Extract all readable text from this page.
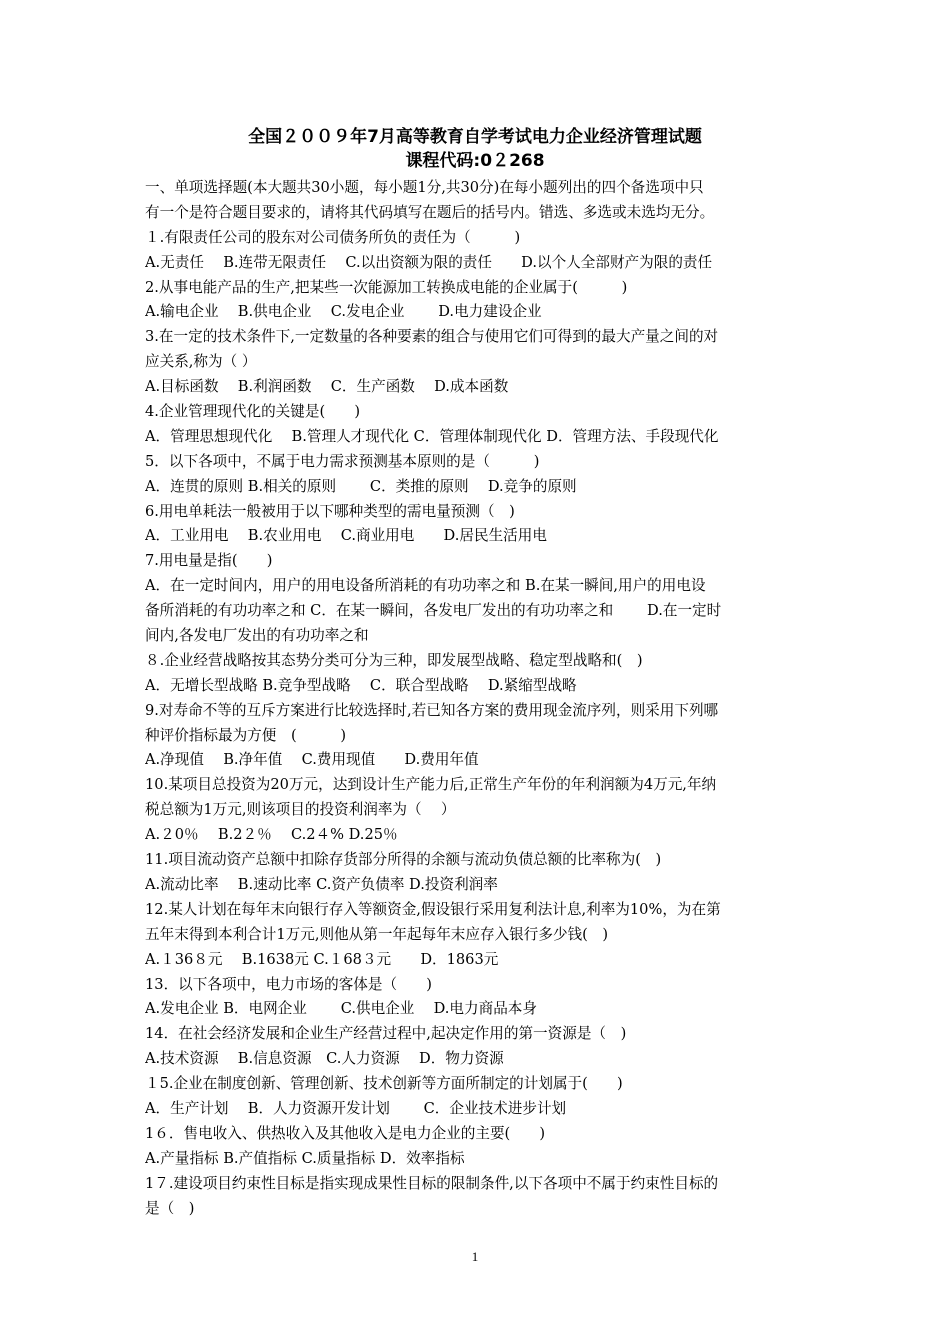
全国２００９年7月高等教育自学考试电力企业经济管理试题
课程代码:0２268
一、单项选择题(本大题共30小题，每小题1分,共30分)在每小题列出的四个备选项中只
有一个是符合题目要求的，请将其代码填写在题后的括号内。错选、多选或未选均无分。
１.有限责任公司的股东对公司债务所负的责任为（　　　)
A.无责任　 B.连带无限责任　 C.以出资额为限的责任　　D.以个人全部财产为限的责任
2.从事电能产品的生产,把某些一次能源加工转换成电能的企业属于(　　　)
A.输电企业　 B.供电企业　 C.发电企业　　 D.电力建设企业
3.在一定的技术条件下,一定数量的各种要素的组合与使用它们可得到的最大产量之间的对
应关系,称为（ ）
A.目标函数　 B.利润函数　 C．生产函数　 D.成本函数
4.企业管理现代化的关键是(　　)
A．管理思想现代化　 B.管理人才现代化 C．管理体制现代化 D．管理方法、手段现代化
5．以下各项中，不属于电力需求预测基本原则的是（　　　)
A．连贯的原则 B.相关的原则　　 C．类推的原则　 D.竞争的原则
6.用电单耗法一般被用于以下哪种类型的需电量预测（　)
A．工业用电　 B.农业用电　 C.商业用电　　D.居民生活用电
7.用电量是指(　　)
A．在一定时间内，用户的用电设备所消耗的有功功率之和 B.在某一瞬间,用户的用电设
备所消耗的有功功率之和 C．在某一瞬间，各发电厂发出的有功功率之和　　 D.在一定时
间内,各发电厂发出的有功功率之和
８.企业经营战略按其态势分类可分为三种，即发展型战略、稳定型战略和(　)
A．无增长型战略 B.竞争型战略　 C．联合型战略　 D.紧缩型战略
9.对寿命不等的互斥方案进行比较选择时,若已知各方案的费用现金流序列，则采用下列哪
种评价指标最为方便　(　　　)
A.净现值　 B.净年值　 C.费用现值　　D.费用年值
10.某项目总投资为20万元，达到设计生产能力后,正常生产年份的年利润额为4万元,年纳
税总额为1万元,则该项目的投资利润率为（　 ）
A.２0％　 B.2２％　 C.2４% D.25％
11.项目流动资产总额中扣除存货部分所得的余额与流动负债总额的比率称为(　)
A.流动比率　 B.速动比率 C.资产负债率 D.投资利润率
12.某人计划在每年末向银行存入等额资金,假设银行采用复利法计息,利率为10%，为在第
五年末得到本利合计1万元,则他从第一年起每年末应存入银行多少钱(　)
A.１36８元　 B.1638元 C.１68３元　　D．1863元
13．以下各项中，电力市场的客体是（　　)
A.发电企业 B．电网企业　　 C.供电企业　 D.电力商品本身
14．在社会经济发展和企业生产经营过程中,起决定作用的第一资源是（　)
A.技术资源　 B.信息资源　C.人力资源　 D．物力资源
１5.企业在制度创新、管理创新、技术创新等方面所制定的计划属于(　　)
A．生产计划　 B．人力资源开发计划　　 C．企业技术进步计划
1６．售电收入、供热收入及其他收入是电力企业的主要(　　)
A.产量指标 B.产值指标 C.质量指标 D．效率指标
1７.建设项目约束性目标是指实现成果性目标的限制条件,以下各项中不属于约束性目标的
是（　)
1
